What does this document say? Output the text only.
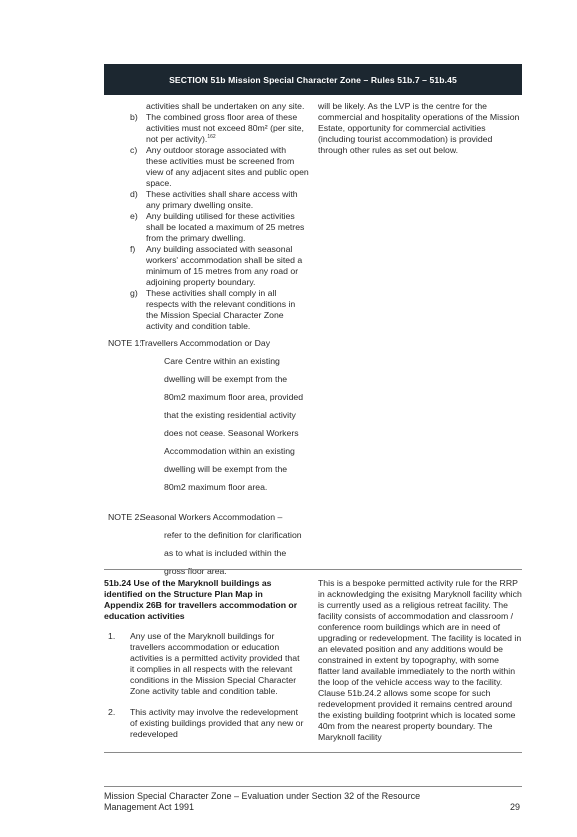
SECTION 51b Mission Special Character Zone – Rules 51b.7 – 51b.45
activities shall be undertaken on any site.
b) The combined gross floor area of these activities must not exceed 80m² (per site, not per activity).$^{162}$
c) Any outdoor storage associated with these activities must be screened from view of any adjacent sites and public open space.
d) These activities shall share access with any primary dwelling onsite.
e) Any building utilised for these activities shall be located a maximum of 25 metres from the primary dwelling.
f) Any building associated with seasonal workers' accommodation shall be sited a minimum of 15 metres from any road or adjoining property boundary.
g) These activities shall comply in all respects with the relevant conditions in the Mission Special Character Zone activity and condition table.
NOTE 1:
Travellers Accommodation or Day
Care Centre within an existing dwelling will be exempt from the 80m2 maximum floor area, provided that the existing residential activity does not cease. Seasonal Workers Accommodation within an existing dwelling will be exempt from the 80m2 maximum floor area.
NOTE 2:
Seasonal Workers Accommodation –
refer to the definition for clarification as to what is included within the gross floor area.
will be likely. As the LVP is the centre for the commercial and hospitality operations of the Mission Estate, opportunity for commercial activities (including tourist accommodation) is provided through other rules as set out below.
51b.24 Use of the Maryknoll buildings as identified on the Structure Plan Map in Appendix 26B for travellers accommodation or education activities
1. Any use of the Maryknoll buildings for travellers accommodation or education activities is a permitted activity provided that it complies in all respects with the relevant conditions in the Mission Special Character Zone activity table and condition table.
2. This activity may involve the redevelopment of existing buildings provided that any new or redeveloped
This is a bespoke permitted activity rule for the RRP in acknowledging the exisitng Maryknoll facility which is currently used as a religious retreat facility. The facility consists of accommodation and classroom / conference room buildings which are in need of upgrading or redevelopment. The facility is located in an elevated position and any additions would be constrained in extent by topography, with some flatter land available immediately to the north within the loop of the vehicle access way to the facility. Clause 51b.24.2 allows some scope for such redevelopment provided it remains centred around the existing building footprint which is located some 40m from the nearest property boundary. The Maryknoll facility
Mission Special Character Zone – Evaluation under Section 32 of the Resource Management Act 1991	29
